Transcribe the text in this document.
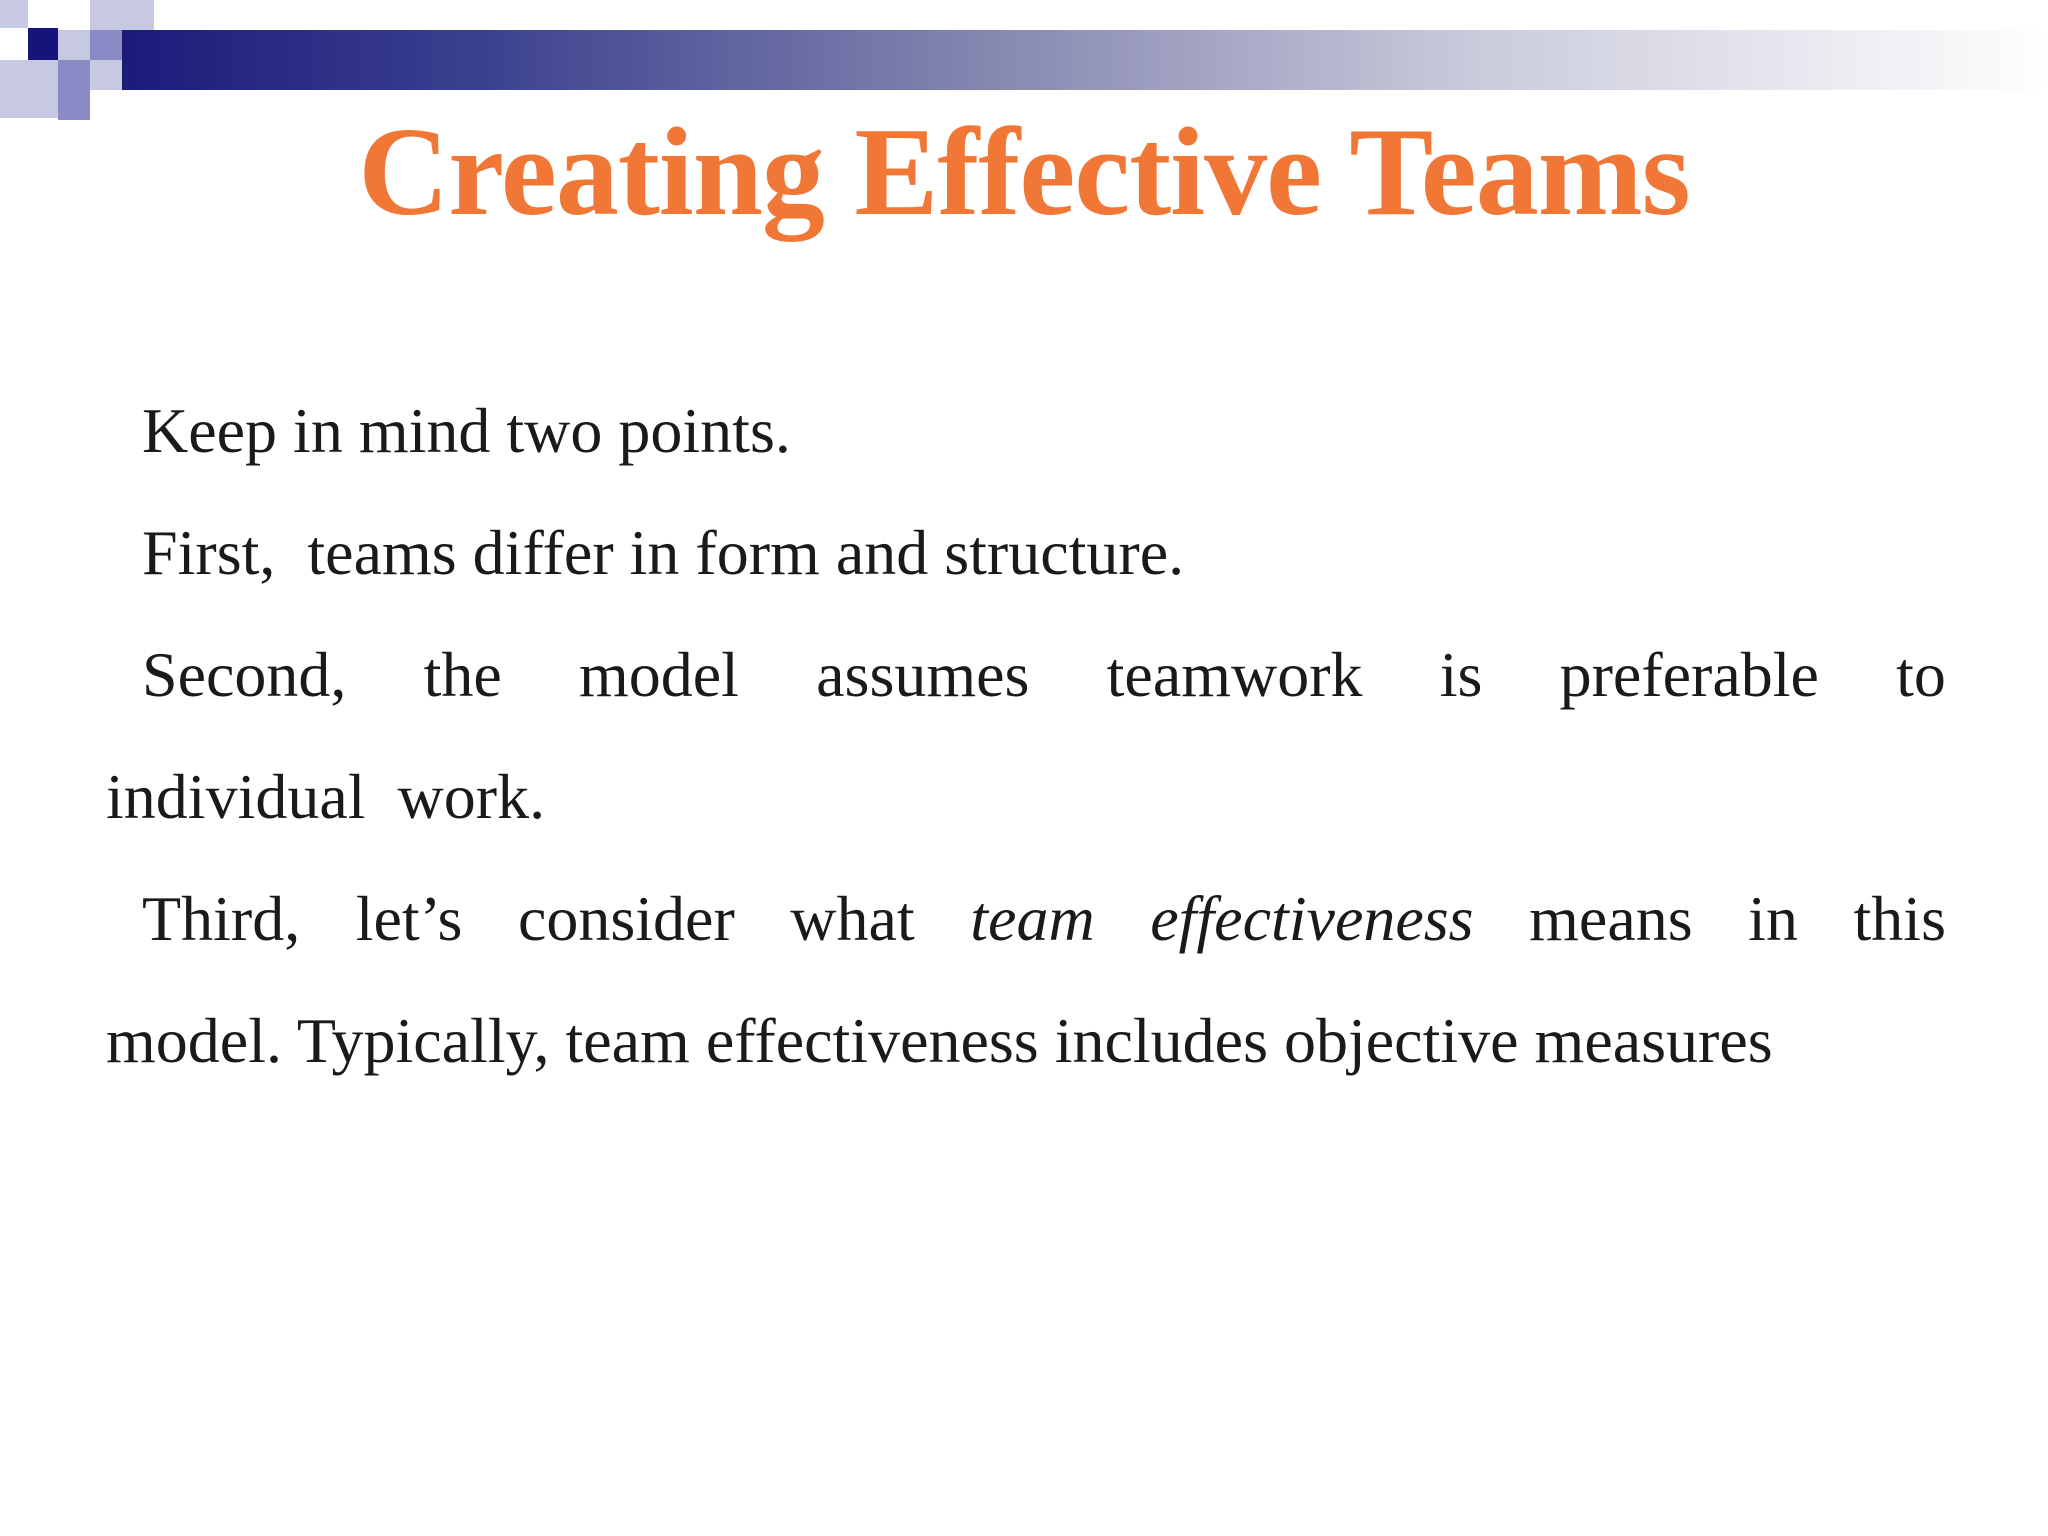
Creating Effective Teams
Keep in mind two points.
First,  teams differ in form and structure.
Second, the model assumes teamwork is preferable to
individual  work.
Third, let’s consider what team effectiveness means in this
model. Typically, team effectiveness includes objective measures
